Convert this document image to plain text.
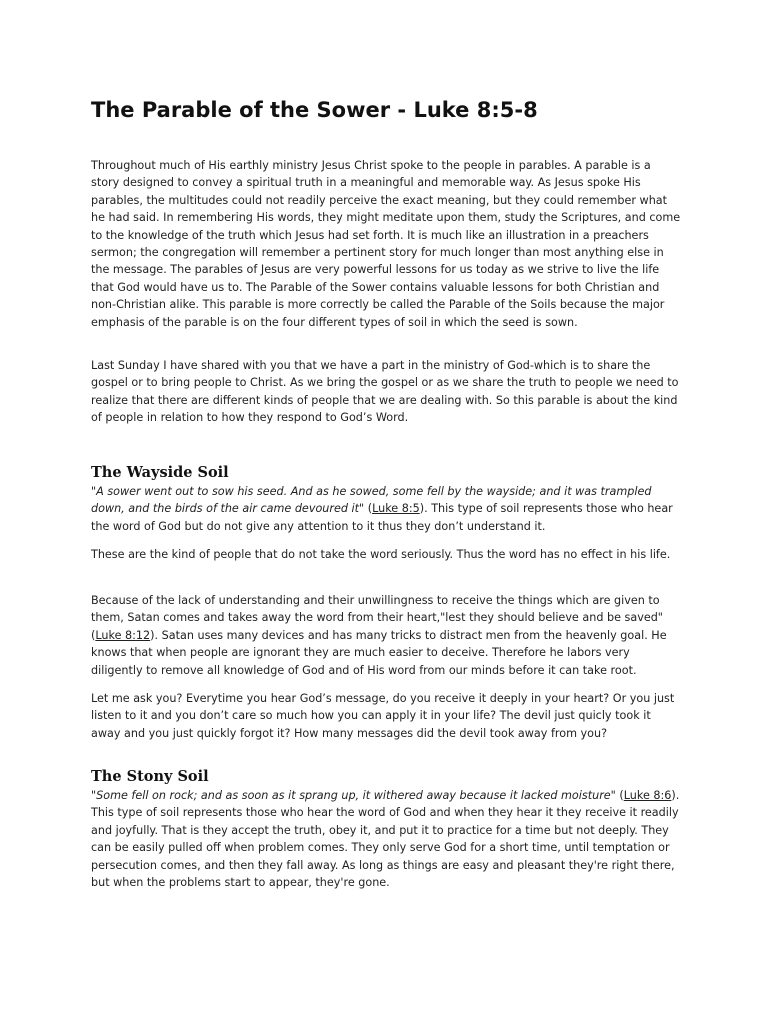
The Parable of the Sower - Luke 8:5-8

Throughout much of His earthly ministry Jesus Christ spoke to the people in parables. A parable is a story designed to convey a spiritual truth in a meaningful and memorable way. As Jesus spoke His parables, the multitudes could not readily perceive the exact meaning, but they could remember what he had said. In remembering His words, they might meditate upon them, study the Scriptures, and come to the knowledge of the truth which Jesus had set forth. It is much like an illustration in a preachers sermon; the congregation will remember a pertinent story for much longer than most anything else in the message. The parables of Jesus are very powerful lessons for us today as we strive to live the life that God would have us to. The Parable of the Sower contains valuable lessons for both Christian and non-Christian alike. This parable is more correctly be called the Parable of the Soils because the major emphasis of the parable is on the four different types of soil in which the seed is sown.

Last Sunday I have shared with you that we have a part in the ministry of God-which is to share the gospel or to bring people to Christ. As we bring the gospel or as we share the truth to people we need to realize that there are different kinds of people that we are dealing with. So this parable is about the kind of people in relation to how they respond to God’s Word.

The Wayside Soil

"A sower went out to sow his seed. And as he sowed, some fell by the wayside; and it was trampled down, and the birds of the air came devoured it" (Luke 8:5). This type of soil represents those who hear the word of God but do not give any attention to it thus they don’t understand it.

These are the kind of people that do not take the word seriously. Thus the word has no effect in his life.

Because of the lack of understanding and their unwillingness to receive the things which are given to them, Satan comes and takes away the word from their heart,"lest they should believe and be saved" (Luke 8:12). Satan uses many devices and has many tricks to distract men from the heavenly goal. He knows that when people are ignorant they are much easier to deceive. Therefore he labors very diligently to remove all knowledge of God and of His word from our minds before it can take root.

Let me ask you? Everytime you hear God’s message, do you receive it deeply in your heart? Or you just listen to it and you don’t care so much how you can apply it in your life? The devil just quicly took it away and you just quickly forgot it? How many messages did the devil took away from you?

The Stony Soil

"Some fell on rock; and as soon as it sprang up, it withered away because it lacked moisture" (Luke 8:6). This type of soil represents those who hear the word of God and when they hear it they receive it readily and joyfully. That is they accept the truth, obey it, and put it to practice for a time but not deeply. They can be easily pulled off when problem comes. They only serve God for a short time, until temptation or persecution comes, and then they fall away. As long as things are easy and pleasant they're right there, but when the problems start to appear, they're gone.
